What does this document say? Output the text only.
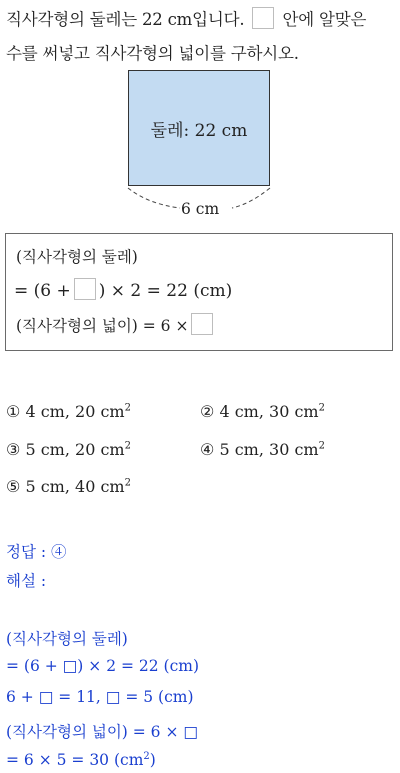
직사각형의 둘레는 22 cm입니다. 안에 알맞은
수를 써넣고 직사각형의 넓이를 구하시오.
둘레: 22 cm
6 cm
(직사각형의 둘레)
= (6 + ) × 2 = 22 (cm)
(직사각형의 넓이) = 6 ×
① 4 cm, 20 $cm^2$	② 4 cm, 30 $cm^2$
③ 5 cm, 20 $cm^2$	④ 5 cm, 30 $cm^2$
⑤ 5 cm, 40 $cm^2$
정답 : ④
해설 :
(직사각형의 둘레)
= (6 + □) × 2 = 22 (cm)
6 + □ = 11, □ = 5 (cm)
(직사각형의 넓이) = 6 × □
= 6 × 5 = 30 $(cm^2)$
